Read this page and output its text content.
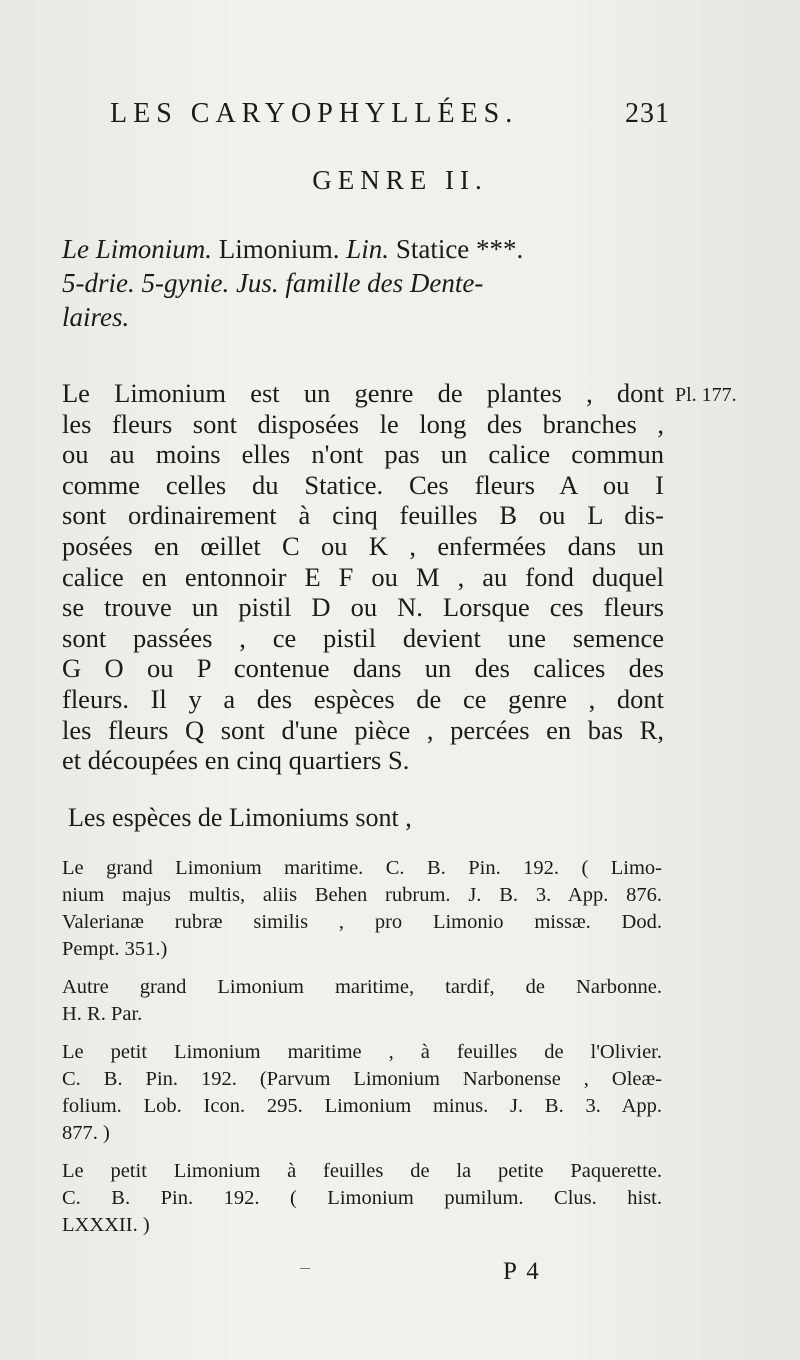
LES CARYOPHYLLÉES.	231
GENRE II.
Le Limonium. Limonium. Lin. Statice ***.
5-drie. 5-gynie. Jus. famille des Dente-
laires.
Pl. 177.
Le Limonium est un genre de plantes , dont
les fleurs sont disposées le long des branches ,
ou au moins elles n'ont pas un calice commun
comme celles du Statice. Ces fleurs A ou I
sont ordinairement à cinq feuilles B ou L dis-
posées en œillet C ou K , enfermées dans un
calice en entonnoir E F ou M , au fond duquel
se trouve un pistil D ou N. Lorsque ces fleurs
sont passées , ce pistil devient une semence
G O ou P contenue dans un des calices des
fleurs. Il y a des espèces de ce genre , dont
les fleurs Q sont d'une pièce , percées en bas R,
et découpées en cinq quartiers S.
Les espèces de Limoniums sont ,
Le grand Limonium maritime. C. B. Pin. 192. ( Limo-
nium majus multis, aliis Behen rubrum. J. B. 3. App. 876.
Valerianæ rubræ similis , pro Limonio missæ. Dod.
Pempt. 351.)
Autre grand Limonium maritime, tardif, de Narbonne.
H. R. Par.
Le petit Limonium maritime , à feuilles de l'Olivier.
C. B. Pin. 192. (Parvum Limonium Narbonense , Oleæ-
folium. Lob. Icon. 295. Limonium minus. J. B. 3. App.
877. )
Le petit Limonium à feuilles de la petite Paquerette.
C. B. Pin. 192. ( Limonium pumilum. Clus. hist.
LXXXII. )
P 4
